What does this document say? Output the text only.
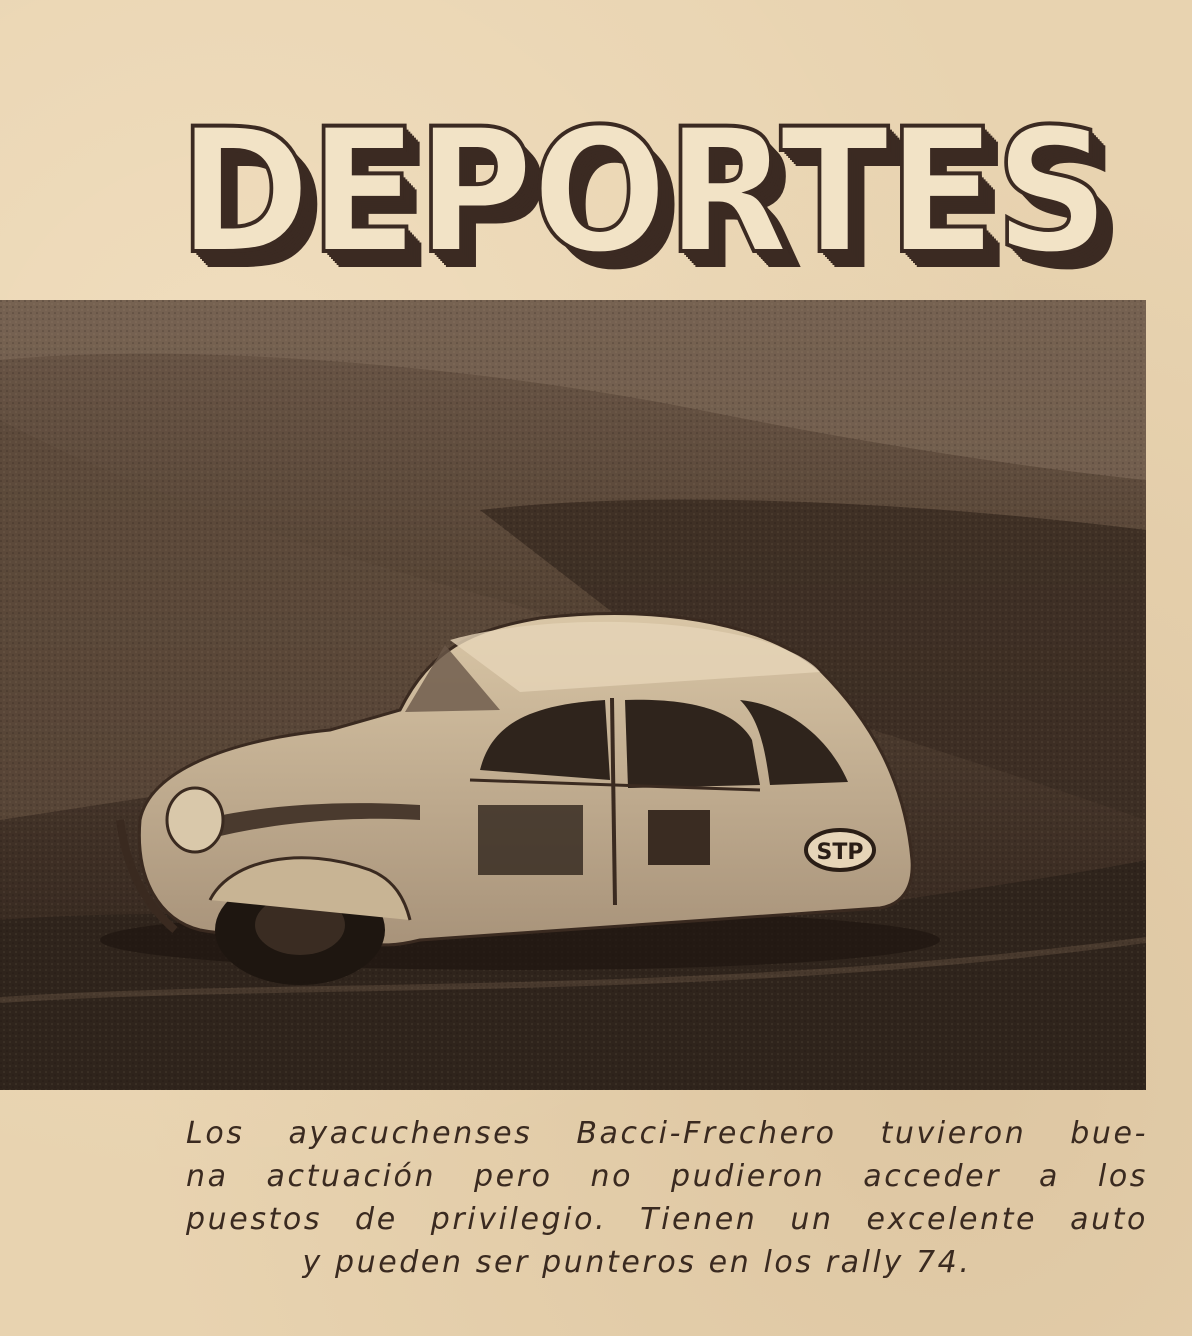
DEPORTES
STP

Los ayacuchenses Bacci-Frechero tuvieron bue-
na actuación pero no pudieron acceder a los
puestos de privilegio. Tienen un excelente auto
y pueden ser punteros en los rally 74.
